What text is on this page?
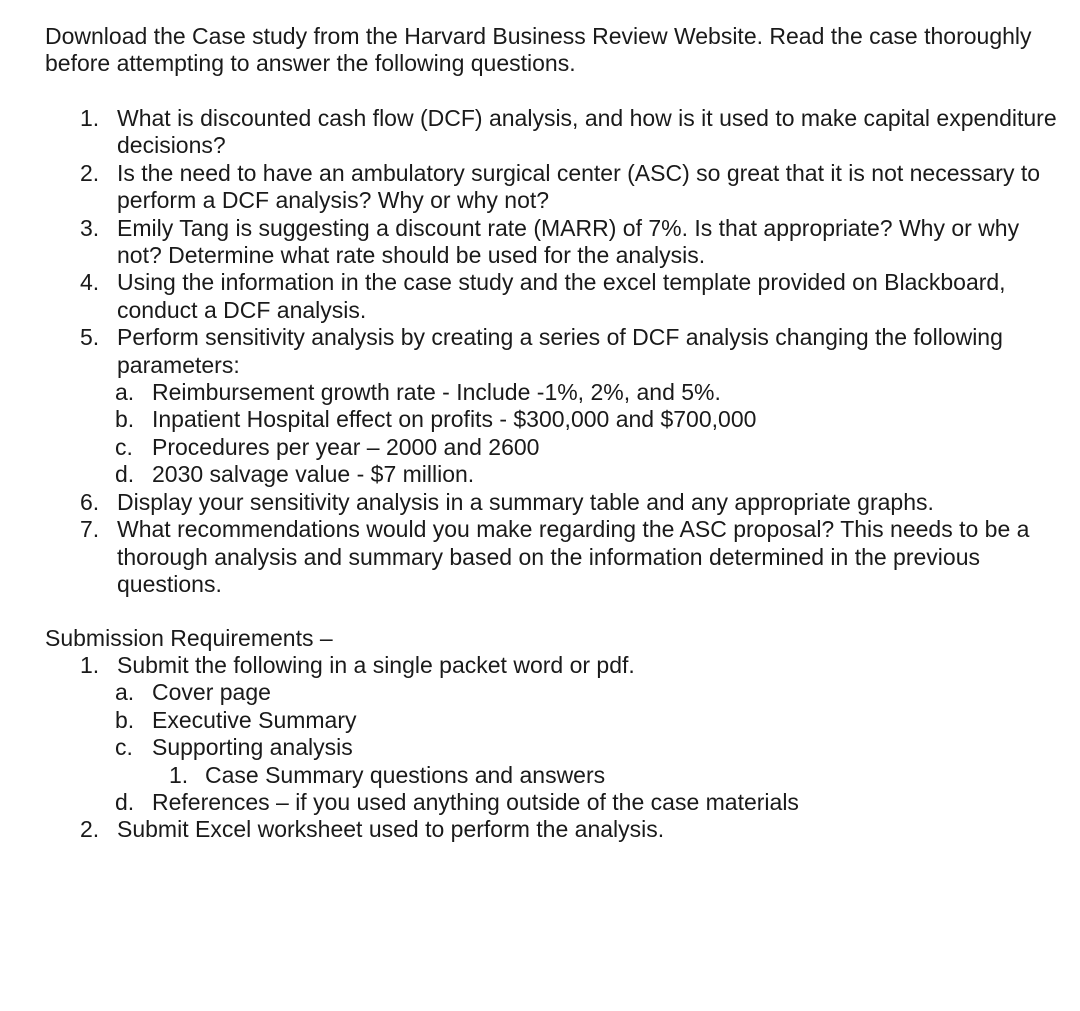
Download the Case study from the Harvard Business Review Website. Read the case thoroughly before attempting to answer the following questions.

1. What is discounted cash flow (DCF) analysis, and how is it used to make capital expenditure decisions?
2. Is the need to have an ambulatory surgical center (ASC) so great that it is not necessary to perform a DCF analysis? Why or why not?
3. Emily Tang is suggesting a discount rate (MARR) of 7%. Is that appropriate? Why or why not? Determine what rate should be used for the analysis.
4. Using the information in the case study and the excel template provided on Blackboard, conduct a DCF analysis.
5. Perform sensitivity analysis by creating a series of DCF analysis changing the following parameters:
a. Reimbursement growth rate - Include -1%, 2%, and 5%.
b. Inpatient Hospital effect on profits - $300,000 and $700,000
c. Procedures per year – 2000 and 2600
d. 2030 salvage value - $7 million.
6. Display your sensitivity analysis in a summary table and any appropriate graphs.
7. What recommendations would you make regarding the ASC proposal? This needs to be a thorough analysis and summary based on the information determined in the previous questions.
Submission Requirements –
1. Submit the following in a single packet word or pdf.
a. Cover page
b. Executive Summary
c. Supporting analysis
1. Case Summary questions and answers
d. References – if you used anything outside of the case materials
2. Submit Excel worksheet used to perform the analysis.
